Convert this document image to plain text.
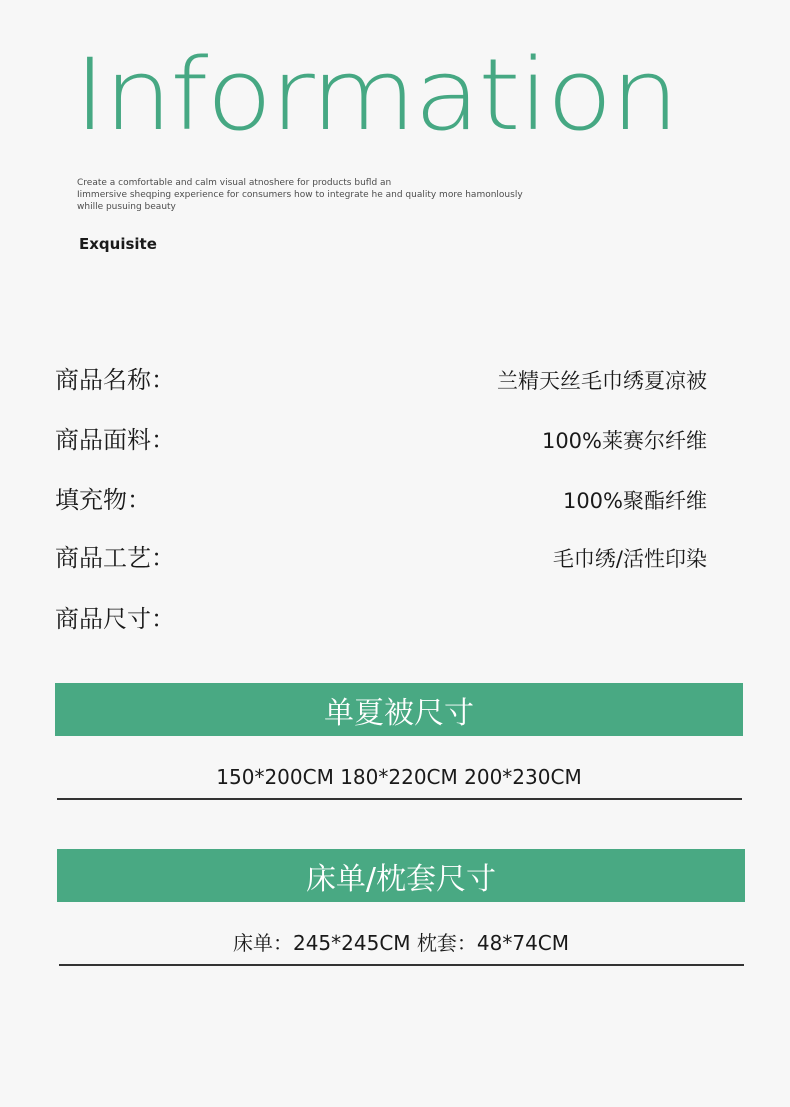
Information
Create a comfortable and calm visual atnoshere for products bufld an
Iimmersive sheqping experience for consumers how to integrate he and quality more hamonlously
whille pusuing beauty
Exquisite
商品名称：	兰精天丝毛巾绣夏凉被
商品面料：	100%莱赛尔纤维
填充物：	100%聚酯纤维
商品工艺：	毛巾绣/活性印染
商品尺寸：
单夏被尺寸
150*200CM 180*220CM 200*230CM
床单/枕套尺寸
床单：245*245CM 枕套：48*74CM
